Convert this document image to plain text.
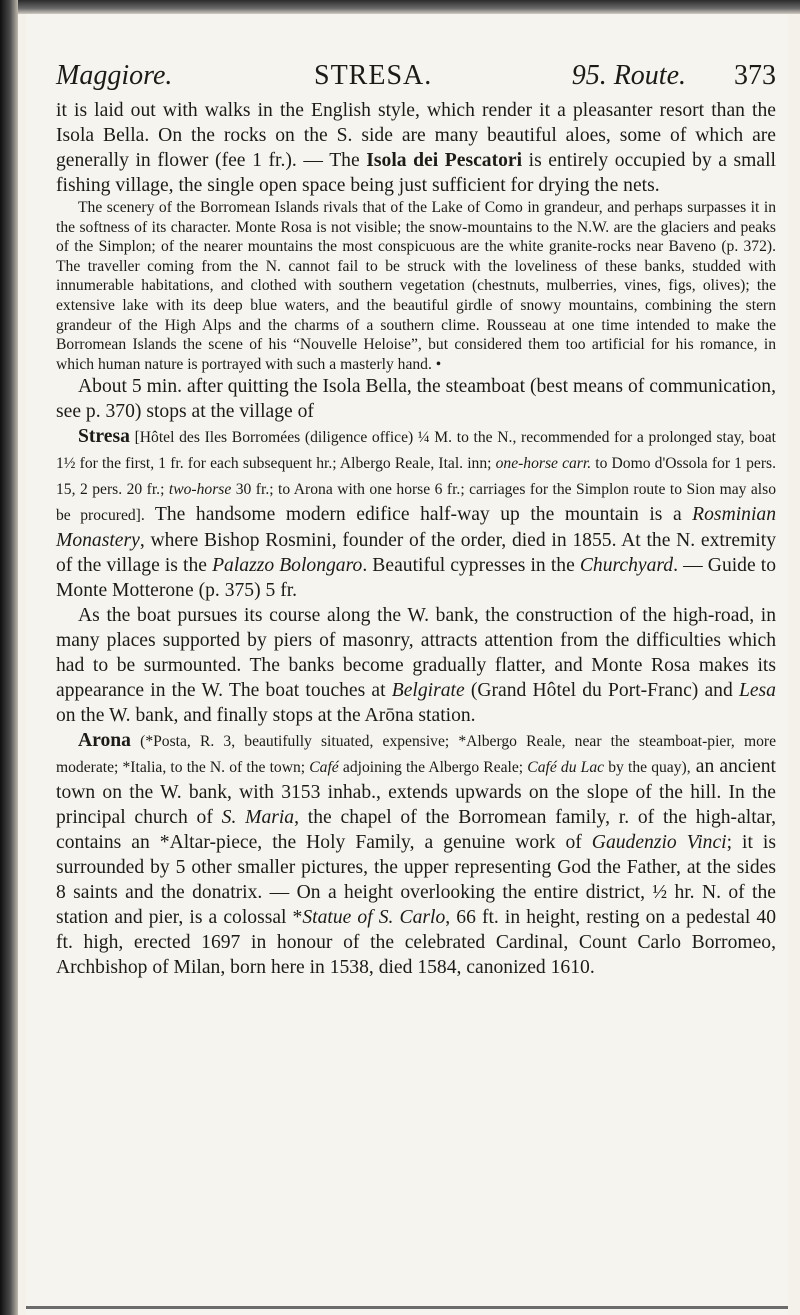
Maggiore.	STRESA.	95. Route. 373

it is laid out with walks in the English style, which render it a pleasanter resort than the Isola Bella. On the rocks on the S. side are many beautiful aloes, some of which are generally in flower (fee 1 fr.). — The Isola dei Pescatori is entirely occupied by a small fishing village, the single open space being just sufficient for drying the nets.

The scenery of the Borromean Islands rivals that of the Lake of Como in grandeur, and perhaps surpasses it in the softness of its character. Monte Rosa is not visible; the snow-mountains to the N.W. are the glaciers and peaks of the Simplon; of the nearer mountains the most conspicuous are the white granite-rocks near Baveno (p. 372). The traveller coming from the N. cannot fail to be struck with the loveliness of these banks, studded with innumerable habitations, and clothed with southern vegetation (chestnuts, mulberries, vines, figs, olives); the extensive lake with its deep blue waters, and the beautiful girdle of snowy mountains, combining the stern grandeur of the High Alps and the charms of a southern clime. Rousseau at one time intended to make the Borromean Islands the scene of his “Nouvelle Heloise”, but considered them too artificial for his romance, in which human nature is portrayed with such a masterly hand. •

About 5 min. after quitting the Isola Bella, the steamboat (best means of communication, see p. 370) stops at the village of

Stresa [Hôtel des Iles Borromées (diligence office) ¼ M. to the N., recommended for a prolonged stay, boat 1½ for the first, 1 fr. for each subsequent hr.; Albergo Reale, Ital. inn; one-horse carr. to Domo d'Ossola for 1 pers. 15, 2 pers. 20 fr.; two-horse 30 fr.; to Arona with one horse 6 fr.; carriages for the Simplon route to Sion may also be procured]. The handsome modern edifice half-way up the mountain is a Rosminian Monastery, where Bishop Rosmini, founder of the order, died in 1855. At the N. extremity of the village is the Palazzo Bolongaro. Beautiful cypresses in the Churchyard. — Guide to Monte Motterone (p. 375) 5 fr.

As the boat pursues its course along the W. bank, the construction of the high-road, in many places supported by piers of masonry, attracts attention from the difficulties which had to be surmounted. The banks become gradually flatter, and Monte Rosa makes its appearance in the W. The boat touches at Belgirate (Grand Hôtel du Port-Franc) and Lesa on the W. bank, and finally stops at the Arōna station.

Arona (*Posta, R. 3, beautifully situated, expensive; *Albergo Reale, near the steamboat-pier, more moderate; *Italia, to the N. of the town; Café adjoining the Albergo Reale; Café du Lac by the quay), an ancient town on the W. bank, with 3153 inhab., extends upwards on the slope of the hill. In the principal church of S. Maria, the chapel of the Borromean family, r. of the high-altar, contains an *Altar-piece, the Holy Family, a genuine work of Gaudenzio Vinci; it is surrounded by 5 other smaller pictures, the upper representing God the Father, at the sides 8 saints and the donatrix. — On a height overlooking the entire district, ½ hr. N. of the station and pier, is a colossal *Statue of S. Carlo, 66 ft. in height, resting on a pedestal 40 ft. high, erected 1697 in honour of the celebrated Cardinal, Count Carlo Borromeo, Archbishop of Milan, born here in 1538, died 1584, canonized 1610.
